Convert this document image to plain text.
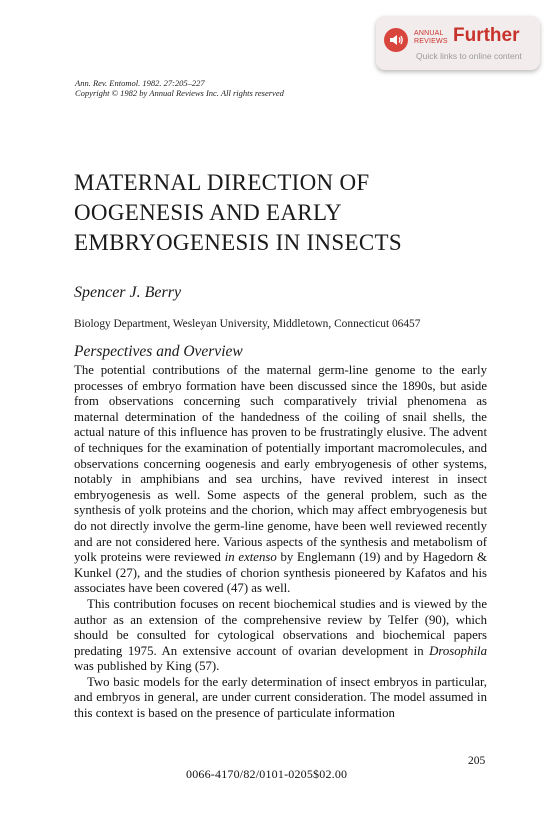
ANNUAL
REVIEWS Further
Quick links to online content
Ann. Rev. Entomol. 1982. 27:205–227
Copyright © 1982 by Annual Reviews Inc. All rights reserved
MATERNAL DIRECTION OF
OOGENESIS AND EARLY
EMBRYOGENESIS IN INSECTS
Spencer J. Berry
Biology Department, Wesleyan University, Middletown, Connecticut 06457
Perspectives and Overview

The potential contributions of the maternal germ-line genome to the early processes of embryo formation have been discussed since the 1890s, but aside from observations concerning such comparatively trivial phenomena as maternal determination of the handedness of the coiling of snail shells, the actual nature of this influence has proven to be frustratingly elusive. The advent of techniques for the examination of potentially important macromolecules, and observations concerning oogenesis and early embryogenesis of other systems, notably in amphibians and sea urchins, have revived interest in insect embryogenesis as well. Some aspects of the general problem, such as the synthesis of yolk proteins and the chorion, which may affect embryogenesis but do not directly involve the germ-line genome, have been well reviewed recently and are not considered here. Various aspects of the synthesis and metabolism of yolk proteins were reviewed in extenso by Englemann (19) and by Hagedorn & Kunkel (27), and the studies of chorion synthesis pioneered by Kafatos and his associates have been covered (47) as well.

This contribution focuses on recent biochemical studies and is viewed by the author as an extension of the comprehensive review by Telfer (90), which should be consulted for cytological observations and biochemical papers predating 1975. An extensive account of ovarian development in Drosophila was published by King (57).

Two basic models for the early determination of insect embryos in particular, and embryos in general, are under current consideration. The model assumed in this context is based on the presence of particulate information

205
0066-4170/82/0101-0205$02.00
